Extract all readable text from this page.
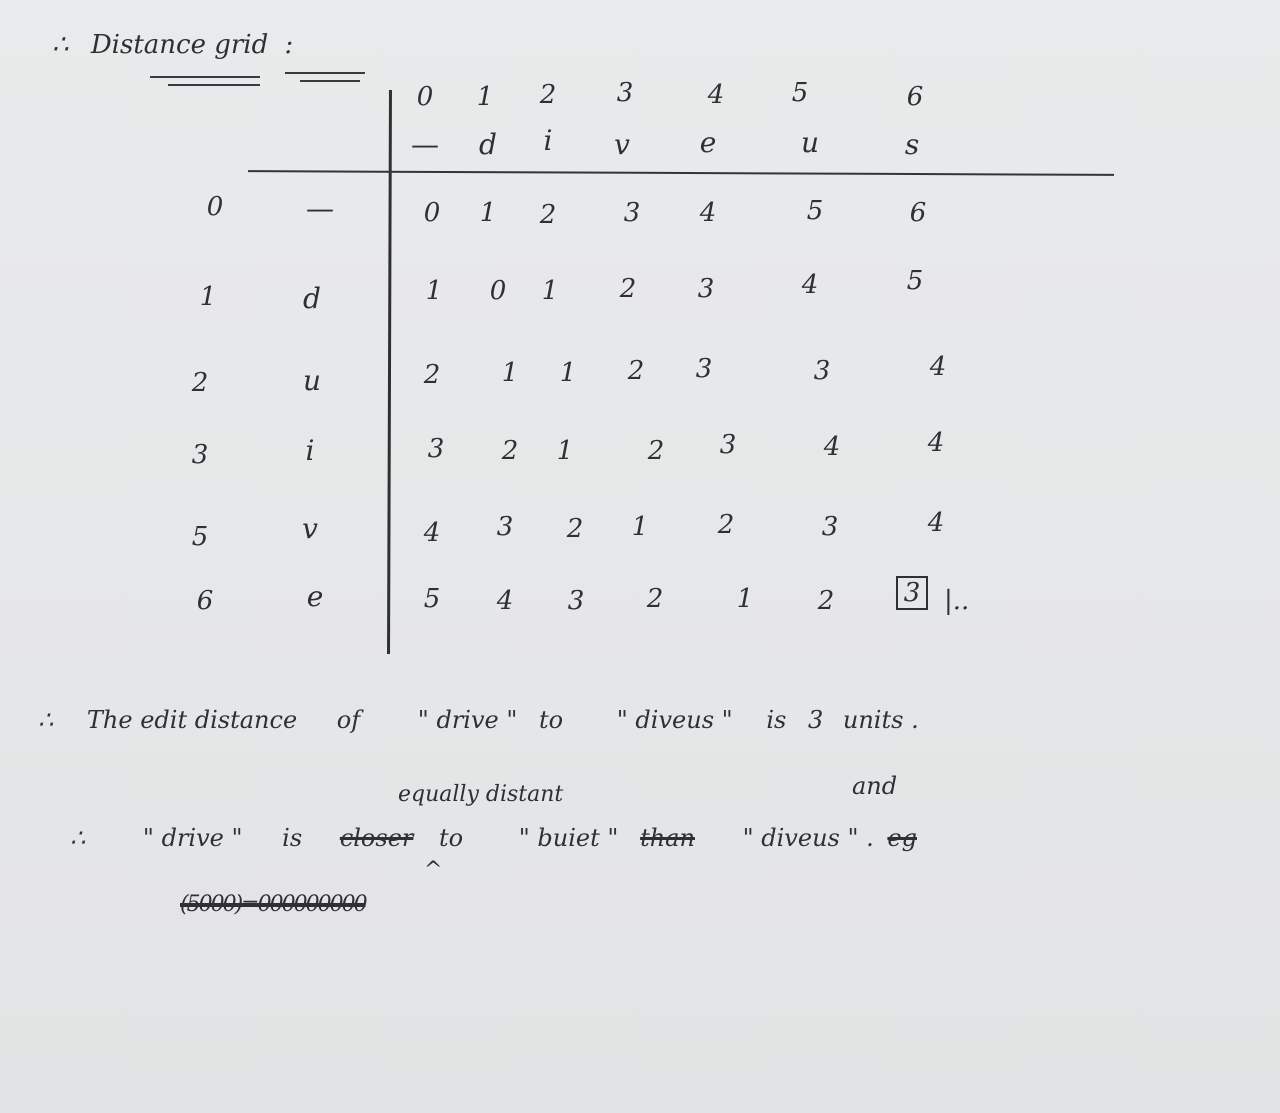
∴ Distance grid :
0	1	2	3	4	5	6
—	d	i	v	e	u	s
0	—	0	1	2	3	4	5	6
1	d	1	0	1	2	3	4	5
2	u	2	1	1	2	3	3	4
3	i	3	2	1	2	3	4	4
5	v	4	3	2	1	2	3	4
6	e	5	4	3	2	1	2	3 |..
∴ The edit distance of " drive " to " diveus " is 3 units .
equally distant	and
∴ " drive " is closer to " buiet " than " diveus " . eg
^
(5000)=000000000
